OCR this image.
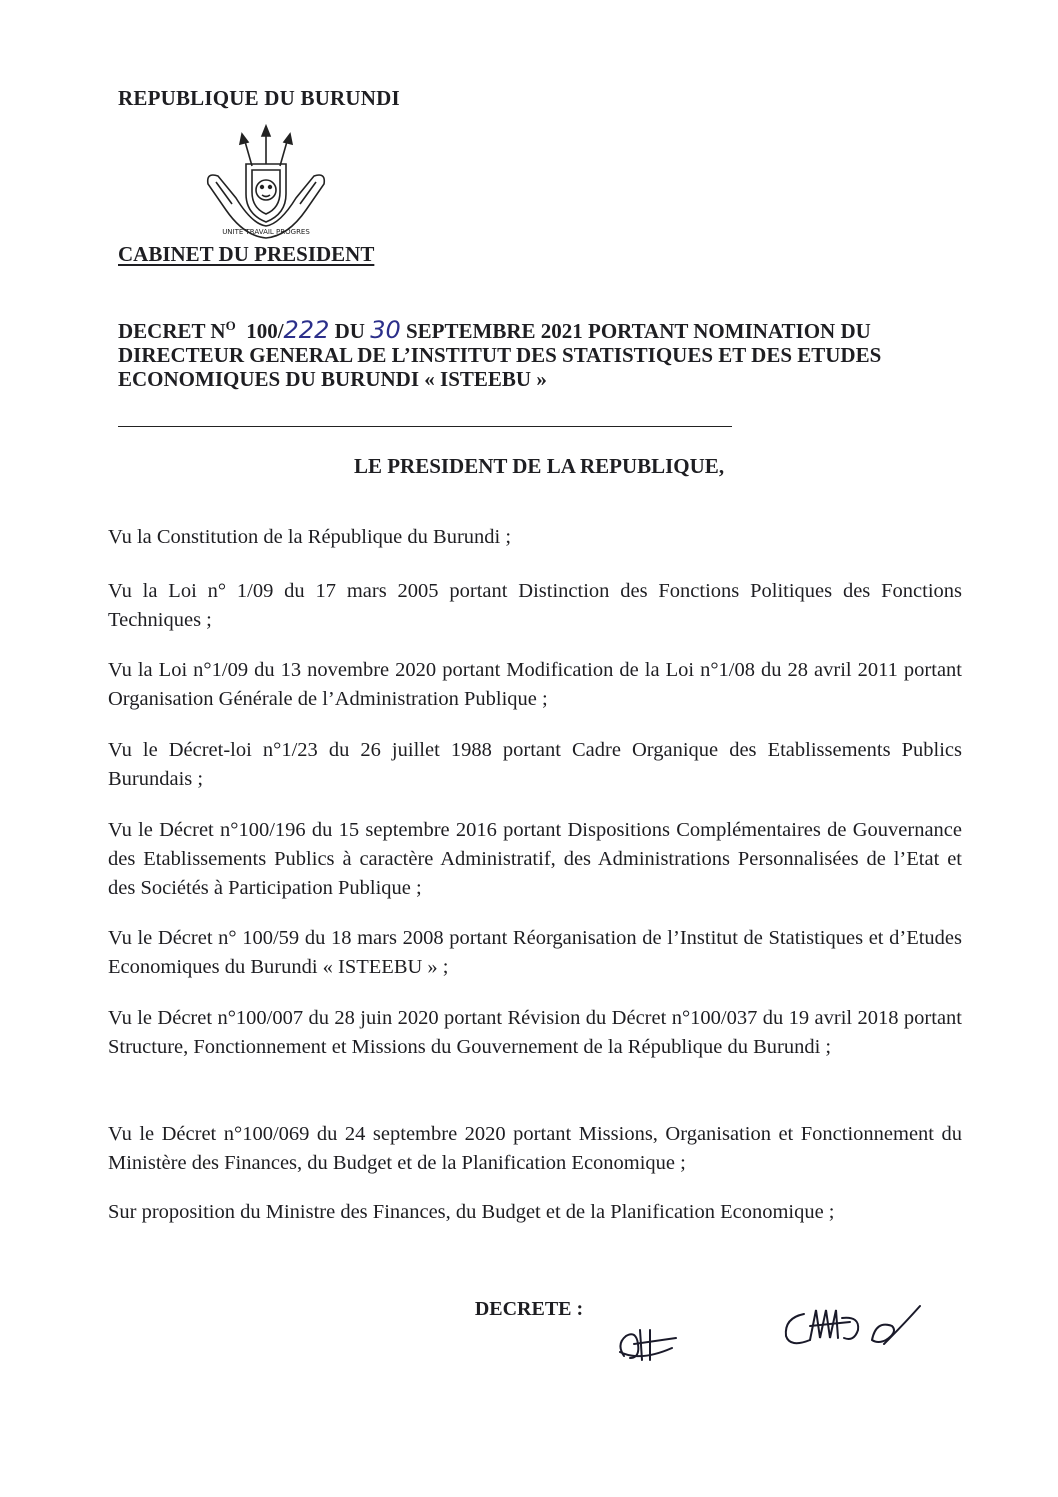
REPUBLIQUE DU BURUNDI
UNITE TRAVAIL PROGRES
CABINET DU PRESIDENT
DECRET $N^O$ 100/222 DU 30 SEPTEMBRE 2021 PORTANT NOMINATION DU
DIRECTEUR GENERAL DE L’INSTITUT DES STATISTIQUES ET DES ETUDES
ECONOMIQUES DU BURUNDI « ISTEEBU »
LE PRESIDENT DE LA REPUBLIQUE,
Vu la Constitution de la République du Burundi ;
Vu la Loi n° 1/09 du 17 mars 2005 portant Distinction des Fonctions Politiques des Fonctions Techniques ;
Vu la Loi n°1/09 du 13 novembre 2020 portant Modification de la Loi n°1/08 du 28 avril 2011 portant Organisation Générale de l’Administration Publique ;
Vu le Décret-loi n°1/23 du 26 juillet 1988 portant Cadre Organique des Etablissements Publics Burundais ;
Vu le Décret n°100/196 du 15 septembre 2016 portant Dispositions Complémentaires de Gouvernance des Etablissements Publics à caractère Administratif, des Administrations Personnalisées de l’Etat et des Sociétés à Participation Publique ;
Vu le Décret n° 100/59 du 18 mars 2008 portant Réorganisation de l’Institut de Statistiques et d’Etudes Economiques du Burundi « ISTEEBU » ;
Vu le Décret n°100/007 du 28 juin 2020 portant Révision du Décret n°100/037 du 19 avril 2018 portant Structure, Fonctionnement et Missions du Gouvernement de la République du Burundi ;
Vu le Décret n°100/069 du 24 septembre 2020 portant Missions, Organisation et Fonctionnement du Ministère des Finances, du Budget et de la Planification Economique ;
Sur proposition du Ministre des Finances, du Budget et de la Planification Economique ;
DECRETE :
